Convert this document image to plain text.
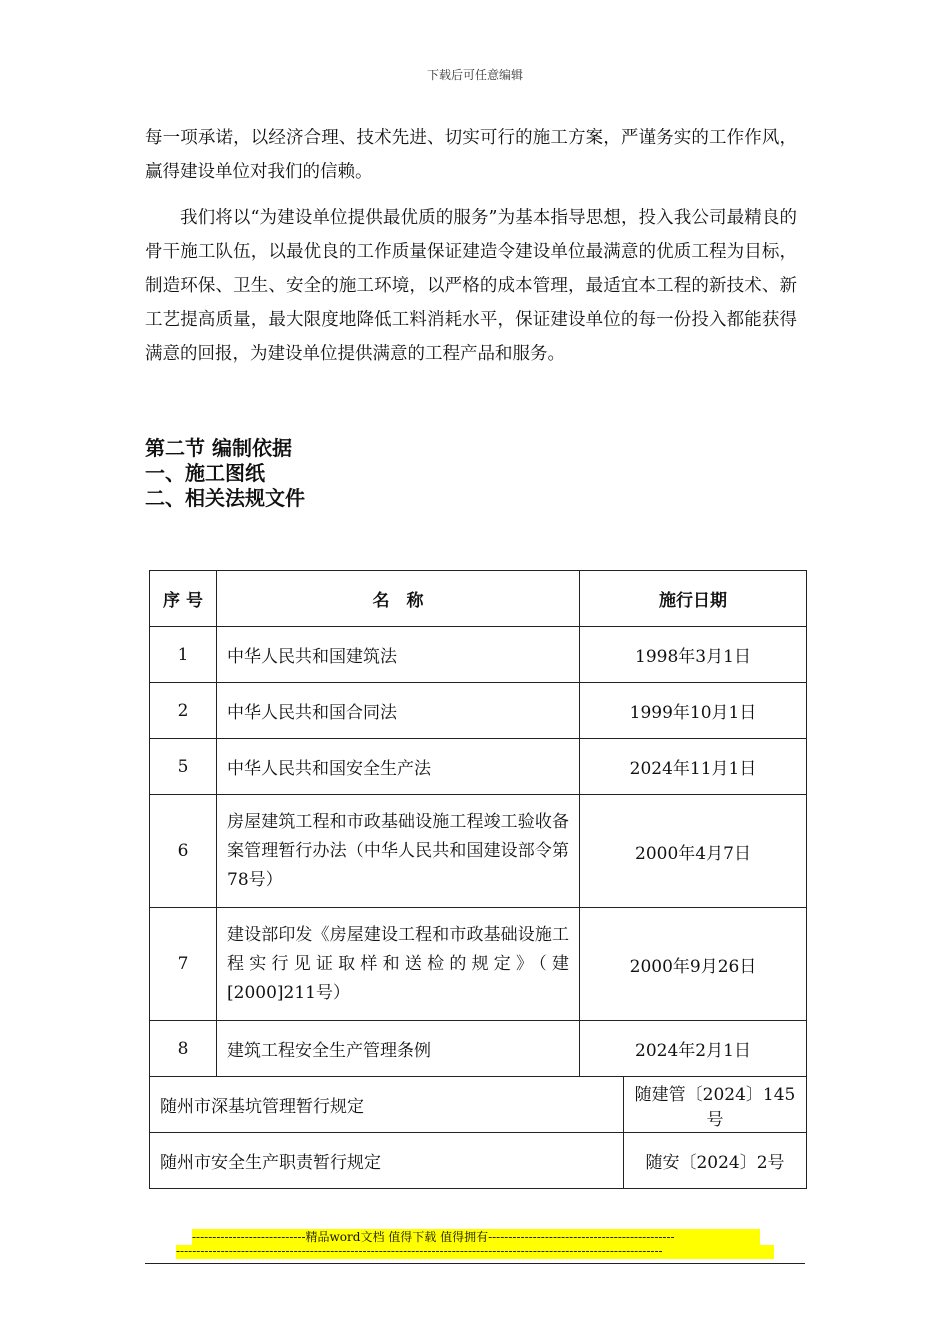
下载后可任意编辑

每一项承诺，以经济合理、技术先进、切实可行的施工方案，严谨务实的工作作风，赢得建设单位对我们的信赖。

我们将以“为建设单位提供最优质的服务”为基本指导思想，投入我公司最精良的骨干施工队伍，以最优良的工作质量保证建造令建设单位最满意的优质工程为目标，制造环保、卫生、安全的施工环境，以严格的成本管理，最适宜本工程的新技术、新工艺提高质量，最大限度地降低工料消耗水平，保证建设单位的每一份投入都能获得满意的回报，为建设单位提供满意的工程产品和服务。

第二节 编制依据
一、施工图纸
二、相关法规文件
序 号	名　称	施行日期	
1	中华人民共和国建筑法	1998年3月1日	
2	中华人民共和国合同法	1999年10月1日	
5	中华人民共和国安全生产法	2024年11月1日	
6	房屋建筑工程和市政基础设施工程竣工验收备案管理暂行办法（中华人民共和国建设部令第78号）	2000年4月7日	
7	建设部印发《房屋建设工程和市政基础设施工程实行见证取样和送检的规定》（建[2000]211号）	2000年9月26日	
8	建筑工程安全生产管理条例	2024年2月1日	
随州市深基坑管理暂行规定			随建管〔2024〕145号
随州市安全生产职责暂行规定			随安〔2024〕2号
----------------------------精品word文档 值得下载 值得拥有----------------------------------------------
------------------------------------------------------------------------------------------------------------------------
